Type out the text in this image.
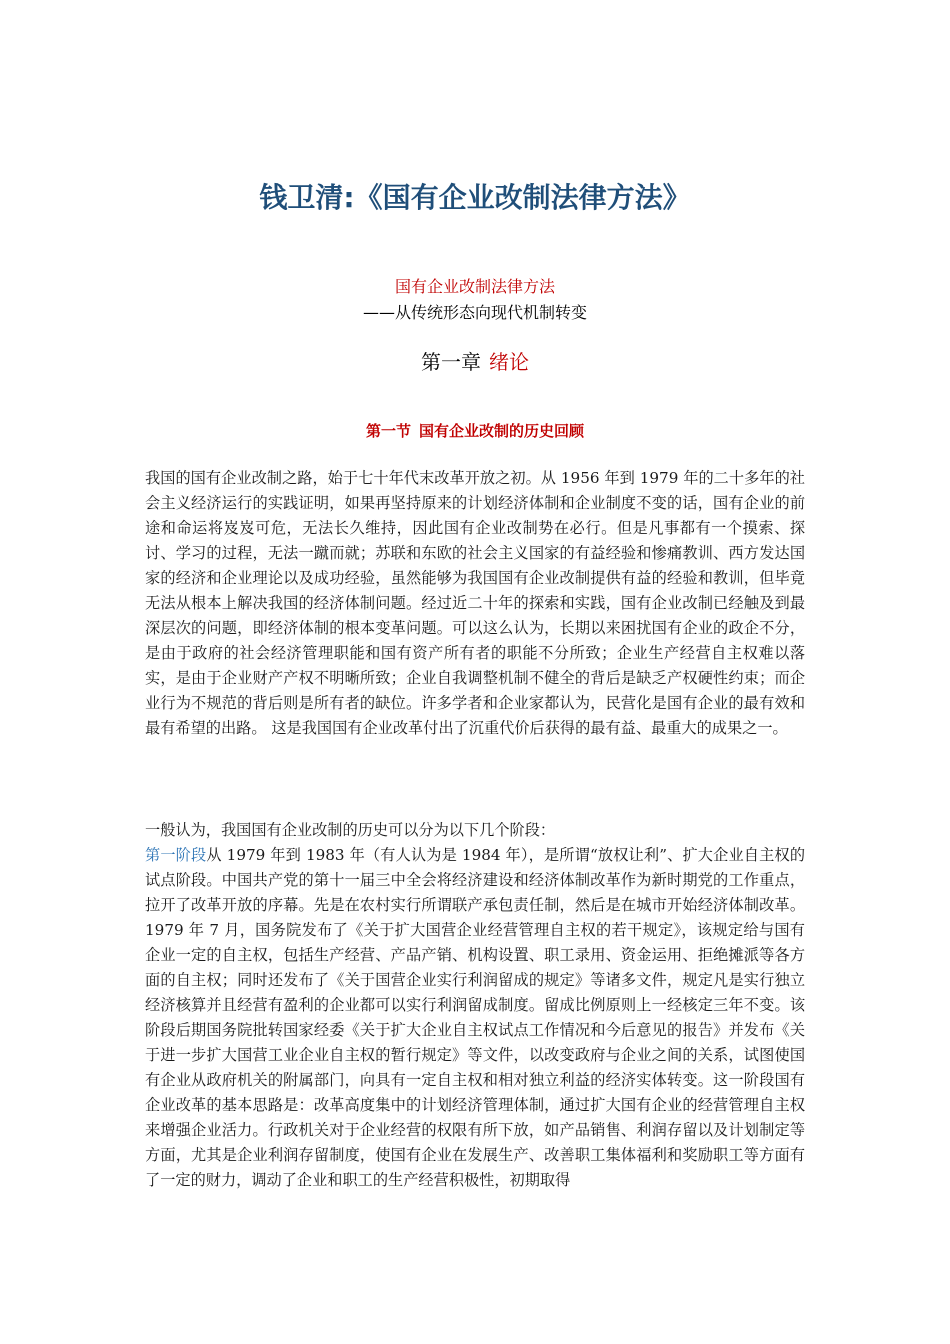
钱卫清:《国有企业改制法律方法》
国有企业改制法律方法
——从传统形态向现代机制转变
第一章 绪论
第一节 国有企业改制的历史回顾

我国的国有企业改制之路，始于七十年代末改革开放之初。从 1956 年到 1979 年的二十多年的社会主义经济运行的实践证明，如果再坚持原来的计划经济体制和企业制度不变的话，国有企业的前途和命运将岌岌可危，无法长久维持，因此国有企业改制势在必行。但是凡事都有一个摸索、探讨、学习的过程，无法一蹴而就；苏联和东欧的社会主义国家的有益经验和惨痛教训、西方发达国家的经济和企业理论以及成功经验，虽然能够为我国国有企业改制提供有益的经验和教训，但毕竟无法从根本上解决我国的经济体制问题。经过近二十年的探索和实践，国有企业改制已经触及到最深层次的问题，即经济体制的根本变革问题。可以这么认为，长期以来困扰国有企业的政企不分，是由于政府的社会经济管理职能和国有资产所有者的职能不分所致；企业生产经营自主权难以落实，是由于企业财产产权不明晰所致；企业自我调整机制不健全的背后是缺乏产权硬性约束；而企业行为不规范的背后则是所有者的缺位。许多学者和企业家都认为，民营化是国有企业的最有效和最有希望的出路。 这是我国国有企业改革付出了沉重代价后获得的最有益、最重大的成果之一。

一般认为，我国国有企业改制的历史可以分为以下几个阶段：

第一阶段从 1979 年到 1983 年（有人认为是 1984 年），是所谓“放权让利”、扩大企业自主权的试点阶段。中国共产党的第十一届三中全会将经济建设和经济体制改革作为新时期党的工作重点，拉开了改革开放的序幕。先是在农村实行所谓联产承包责任制，然后是在城市开始经济体制改革。1979 年 7 月，国务院发布了《关于扩大国营企业经营管理自主权的若干规定》，该规定给与国有企业一定的自主权，包括生产经营、产品产销、机构设置、职工录用、资金运用、拒绝摊派等各方面的自主权；同时还发布了《关于国营企业实行利润留成的规定》等诸多文件，规定凡是实行独立经济核算并且经营有盈利的企业都可以实行利润留成制度。留成比例原则上一经核定三年不变。该阶段后期国务院批转国家经委《关于扩大企业自主权试点工作情况和今后意见的报告》并发布《关于进一步扩大国营工业企业自主权的暂行规定》等文件，以改变政府与企业之间的关系，试图使国有企业从政府机关的附属部门，向具有一定自主权和相对独立利益的经济实体转变。这一阶段国有企业改革的基本思路是：改革高度集中的计划经济管理体制，通过扩大国有企业的经营管理自主权来增强企业活力。行政机关对于企业经营的权限有所下放，如产品销售、利润存留以及计划制定等方面，尤其是企业利润存留制度，使国有企业在发展生产、改善职工集体福利和奖励职工等方面有了一定的财力，调动了企业和职工的生产经营积极性，初期取得
